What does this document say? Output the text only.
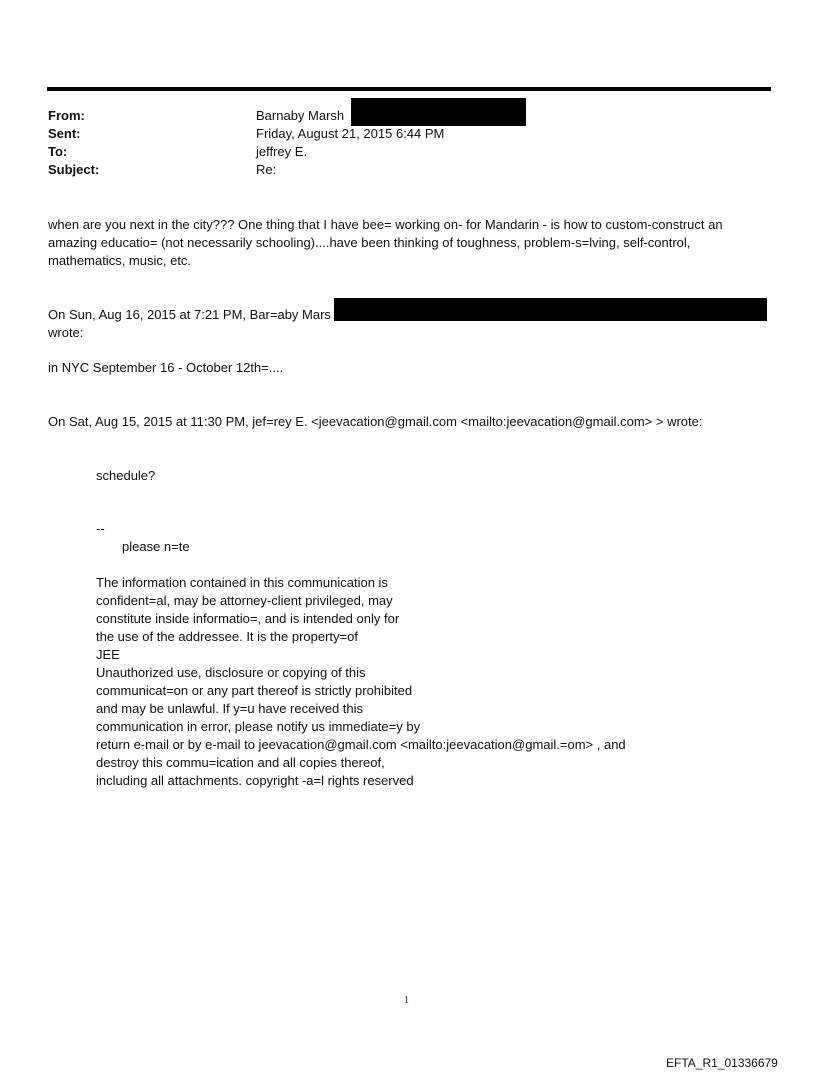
From:	Barnaby Marsh
Sent:	Friday, August 21, 2015 6:44 PM
To:	jeffrey E.
Subject:	Re:
when are you next in the city??? One thing that I have bee= working on- for Mandarin - is how to custom-construct an
amazing educatio= (not necessarily schooling)....have been thinking of toughness, problem-s=lving, self-control,
mathematics, music, etc.
On Sun, Aug 16, 2015 at 7:21 PM, Bar=aby Mars
wrote:
in NYC September 16 - October 12th=....
On Sat, Aug 15, 2015 at 11:30 PM, jef=rey E. <jeevacation@gmail.com <mailto:jeevacation@gmail.com> > wrote:
schedule?
--
please n=te
The information contained in this communication is
confident=al, may be attorney-client privileged, may
constitute inside informatio=, and is intended only for
the use of the addressee. It is the property=of
JEE
Unauthorized use, disclosure or copying of this
communicat=on or any part thereof is strictly prohibited
and may be unlawful. If y=u have received this
communication in error, please notify us immediate=y by
return e-mail or by e-mail to jeevacation@gmail.com <mailto:jeevacation@gmail.=om> , and
destroy this commu=ication and all copies thereof,
including all attachments. copyright -a=l rights reserved
1
EFTA_R1_01336679
